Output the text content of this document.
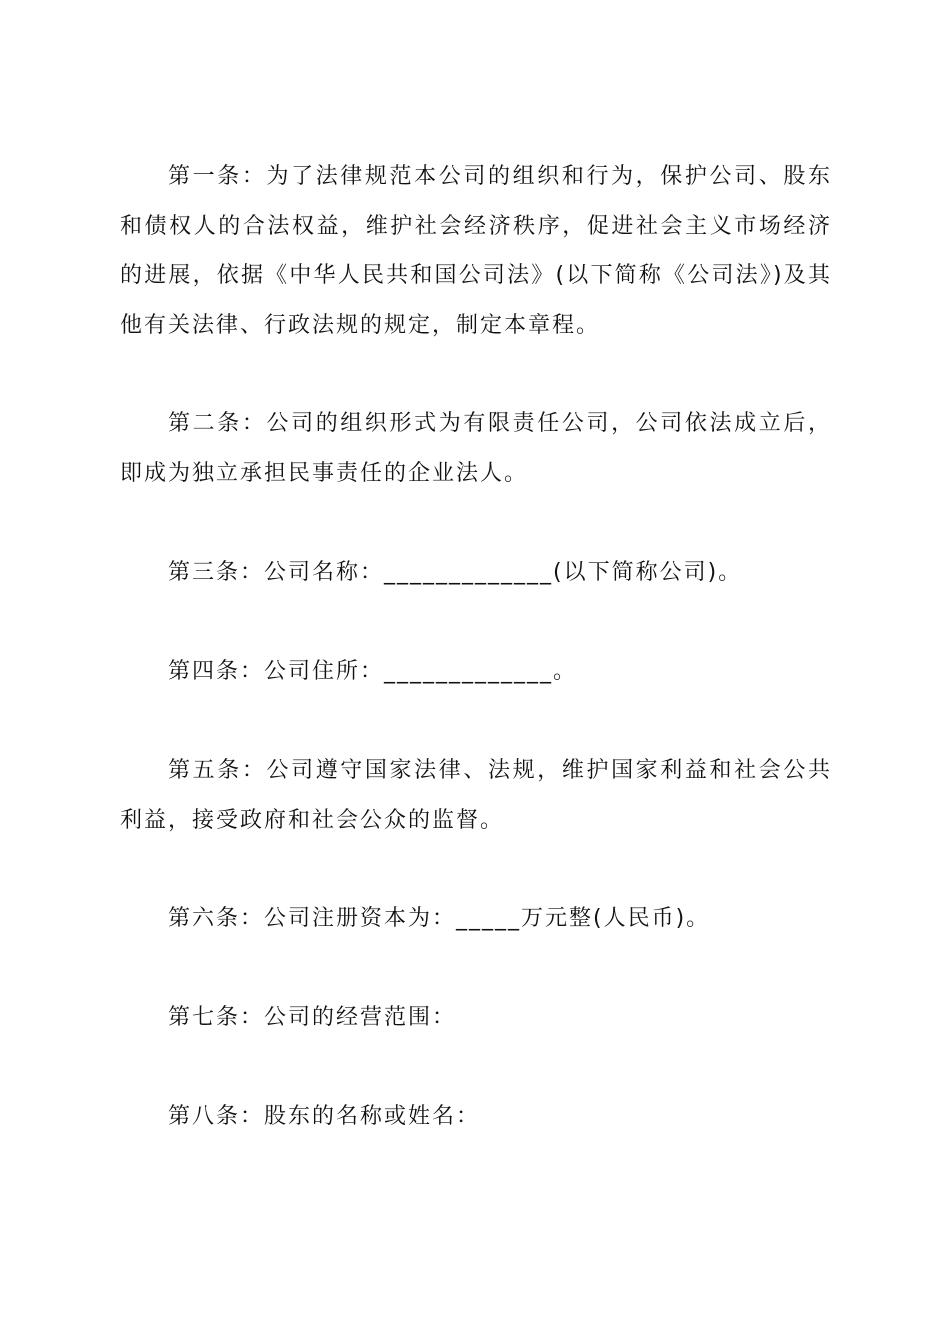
第一条：为了法律规范本公司的组织和行为，保护公司、股东和债权人的合法权益，维护社会经济秩序，促进社会主义市场经济的进展，依据《中华人民共和国公司法》(以下简称《公司法》)及其他有关法律、行政法规的规定，制定本章程。

第二条：公司的组织形式为有限责任公司，公司依法成立后，即成为独立承担民事责任的企业法人。

第三条：公司名称：_____________(以下简称公司)。

第四条：公司住所：_____________。

第五条：公司遵守国家法律、法规，维护国家利益和社会公共利益，接受政府和社会公众的监督。

第六条：公司注册资本为：_____万元整(人民币)。

第七条：公司的经营范围：

第八条：股东的名称或姓名：
